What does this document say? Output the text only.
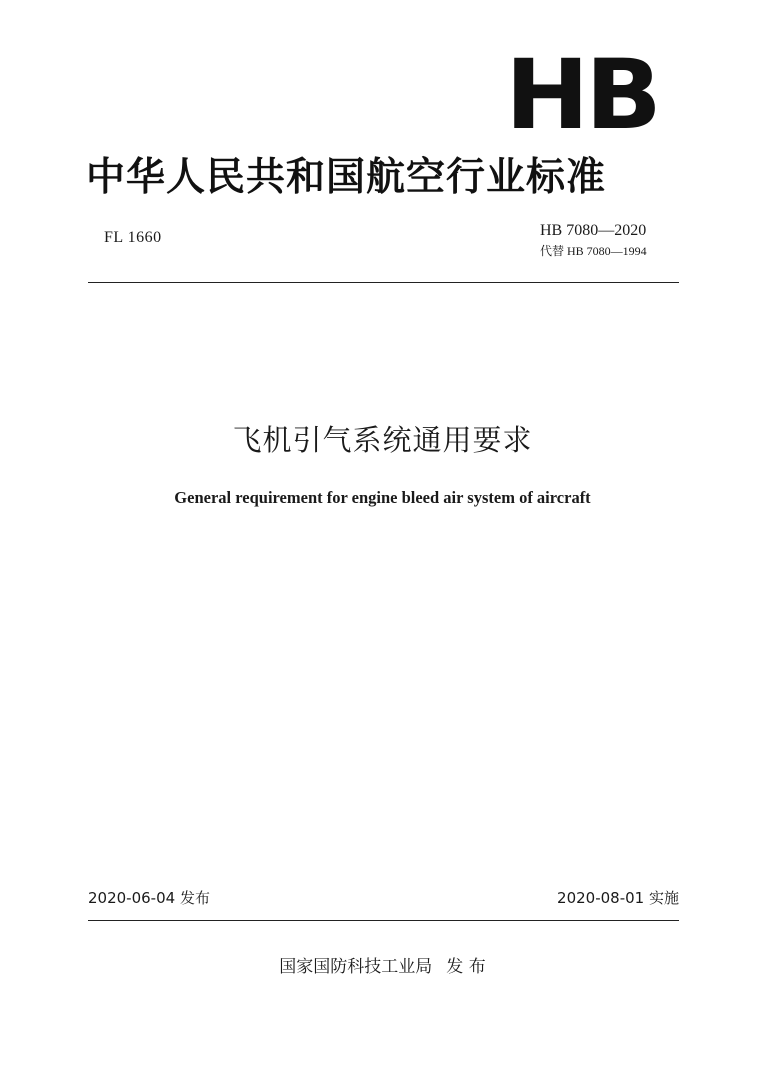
HB
中华人民共和国航空行业标准
FL 1660	HB 7080—2020
代替 HB 7080—1994
飞机引气系统通用要求
General requirement for engine bleed air system of aircraft
2020-06-04 发布	2020-08-01 实施
国家国防科技工业局 发 布
